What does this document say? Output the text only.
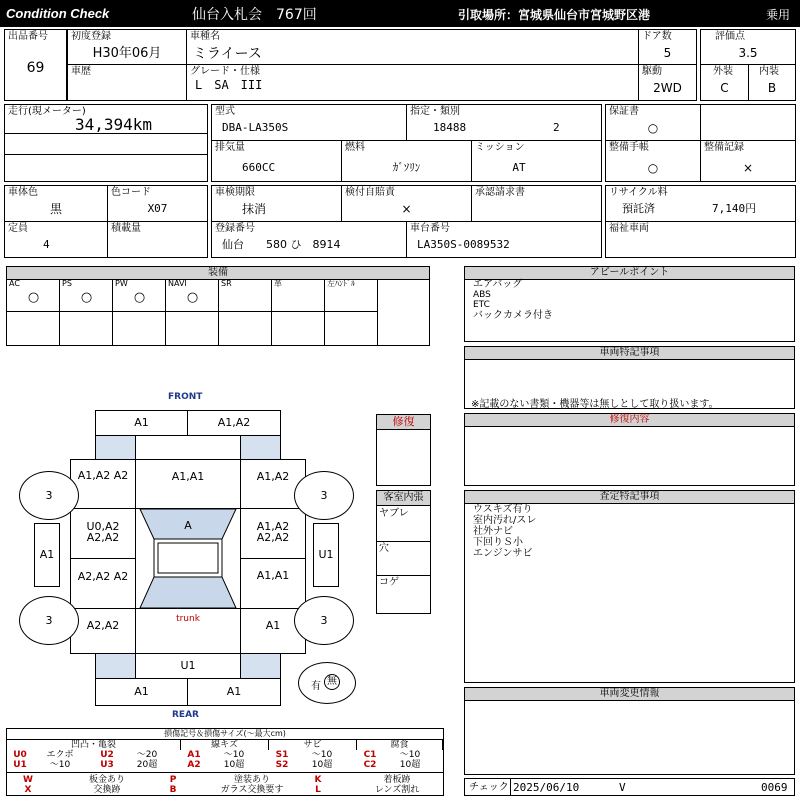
Condition Check	仙台入札会　767回	引取場所：宮城県仙台市宮城野区港	乗用
出品番号
69
初度登録
H30年06月
車歴
車種名
ミライース
グレード・仕様
L　SA　III
ドア数
5
駆動
2WD
評価点
3.5
外装
C
内装
B
走行(現メーター)
34,394km
型式
DBA-LA350S
指定・類別
18488	2
排気量
660CC
燃料
ｶﾞｿﾘﾝ
ミッション
AT
保証書
○
整備手帳
○
整備記録
×
車体色
黒
色コード
X07
定員
4
積載量
車検期限
抹消
検付自賠責
×
承認請求書
登録番号
仙台　　580 ひ　8914
車台番号
LA350S-0089532
リサイクル料
預託済	7,140円
福祉車両
装備
AC
○
PS
○
PW
○
NAVI
○
SR	革	左ﾊﾝﾄﾞﾙ
アピールポイント
エアバッグ
ABS
ETC
バックカメラ付き
車両特記事項
※記載のない書類・機器等は無しとして取り扱います。
修復内容
査定特記事項
ウスキズ有り
室内汚れ/スレ
社外ナビ
下回りＳ小
エンジンサビ
車両変更情報
チェック 2025/06/10	V	0069
FRONT
REAR
A1	A1,A2
A1,A2 A2	A1,A1	A1,A2
U0,A2 A2,A2
A	A1,A2 A2,A2
A2,A2 A2	A1,A1
A2,A2	trunk	A1
U1
A1	A1
3	3
3	3
A1	U1
修復
客室内張
ヤブレ
穴
コゲ
有 無
損傷記号＆損傷サイズ(～最大cm)
凹凸・亀裂	線キズ	サビ	腐食
U0	エクボ	U2	～20	A1	～10	S1	～10	C1	～10
U1	～10	U3	20超	A2	10超	S2	10超	C2	10超
W	板金あり	P	塗装あり	K	着板跡
X	交換跡	B	ガラス交換要す	L	レンズ割れ
